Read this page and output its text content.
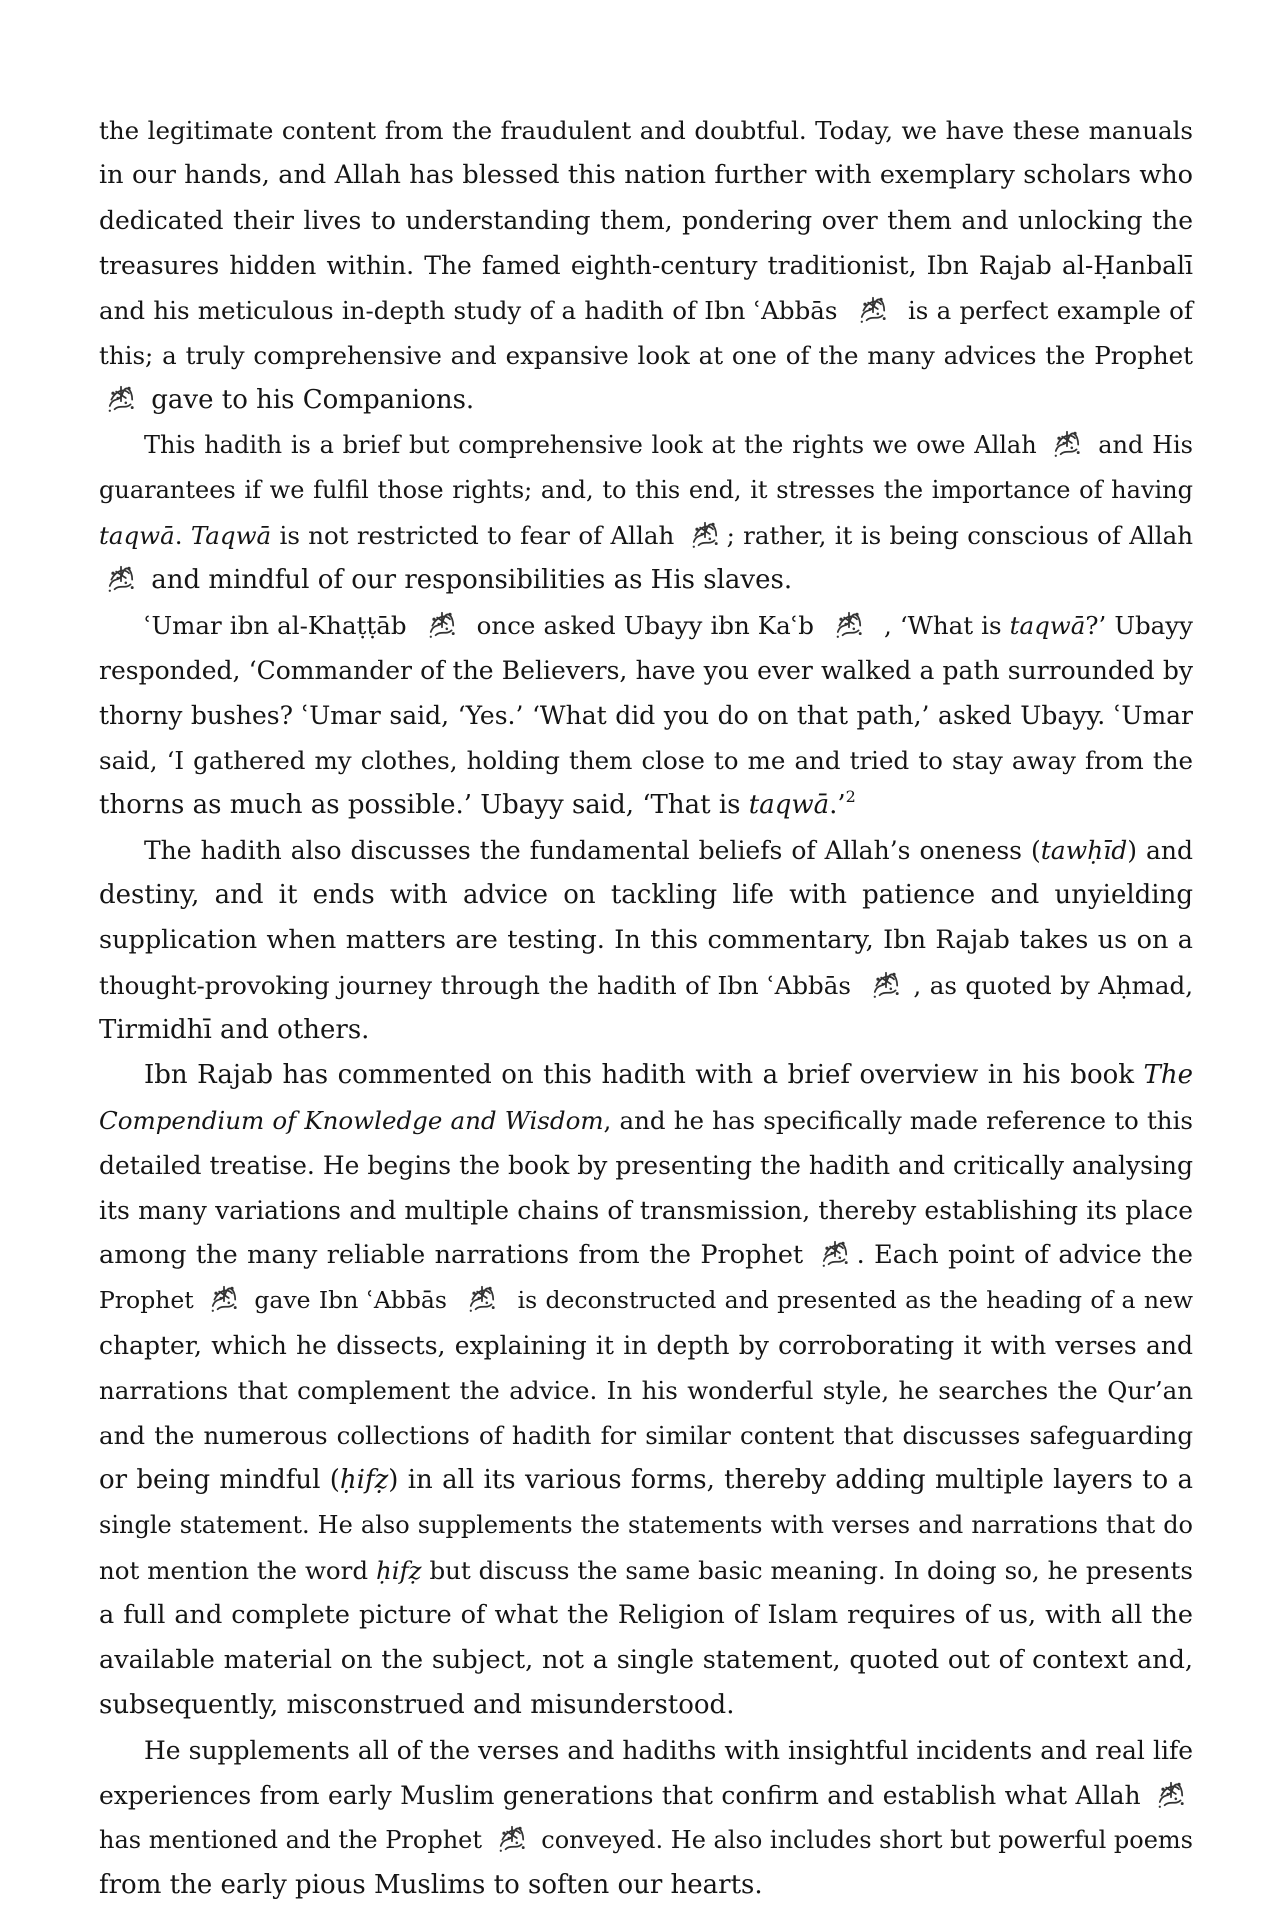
the legitimate content from the fraudulent and doubtful. Today, we have these manuals
in our hands, and Allah has blessed this nation further with exemplary scholars who
dedicated their lives to understanding them, pondering over them and unlocking the
treasures hidden within. The famed eighth-century traditionist, Ibn Rajab al-Ḥanbalī
and his meticulous in-depth study of a hadith of Ibn ʿAbbās
is a perfect example of
this; a truly comprehensive and expansive look at one of the many advices the Prophet
gave to his Companions.
This hadith is a brief but comprehensive look at the rights we owe Allah
and His
guarantees if we fulfil those rights; and, to this end, it stresses the importance of having
taqwā. Taqwā is not restricted to fear of Allah
; rather, it is being conscious of Allah
and mindful of our responsibilities as His slaves.
ʿUmar ibn al-Khaṭṭāb
once asked Ubayy ibn Kaʿb
, ‘What is taqwā?’ Ubayy
responded, ‘Commander of the Believers, have you ever walked a path surrounded by
thorny bushes? ʿUmar said, ‘Yes.’ ‘What did you do on that path,’ asked Ubayy. ʿUmar
said, ‘I gathered my clothes, holding them close to me and tried to stay away from the
thorns as much as possible.’ Ubayy said, ‘That is taqwā.’$^2$
The hadith also discusses the fundamental beliefs of Allah’s oneness (tawḥīd) and
destiny, and it ends with advice on tackling life with patience and unyielding
supplication when matters are testing. In this commentary, Ibn Rajab takes us on a
thought-provoking journey through the hadith of Ibn ʿAbbās
, as quoted by Aḥmad,
Tirmidhī and others.
Ibn Rajab has commented on this hadith with a brief overview in his book The
Compendium of Knowledge and Wisdom, and he has specifically made reference to this
detailed treatise. He begins the book by presenting the hadith and critically analysing
its many variations and multiple chains of transmission, thereby establishing its place
among the many reliable narrations from the Prophet
. Each point of advice the
Prophet
gave Ibn ʿAbbās
is deconstructed and presented as the heading of a new
chapter, which he dissects, explaining it in depth by corroborating it with verses and
narrations that complement the advice. In his wonderful style, he searches the Qur’an
and the numerous collections of hadith for similar content that discusses safeguarding
or being mindful (ḥifẓ) in all its various forms, thereby adding multiple layers to a
single statement. He also supplements the statements with verses and narrations that do
not mention the word ḥifẓ but discuss the same basic meaning. In doing so, he presents
a full and complete picture of what the Religion of Islam requires of us, with all the
available material on the subject, not a single statement, quoted out of context and,
subsequently, misconstrued and misunderstood.
He supplements all of the verses and hadiths with insightful incidents and real life
experiences from early Muslim generations that confirm and establish what Allah
has mentioned and the Prophet
conveyed. He also includes short but powerful poems
from the early pious Muslims to soften our hearts.
